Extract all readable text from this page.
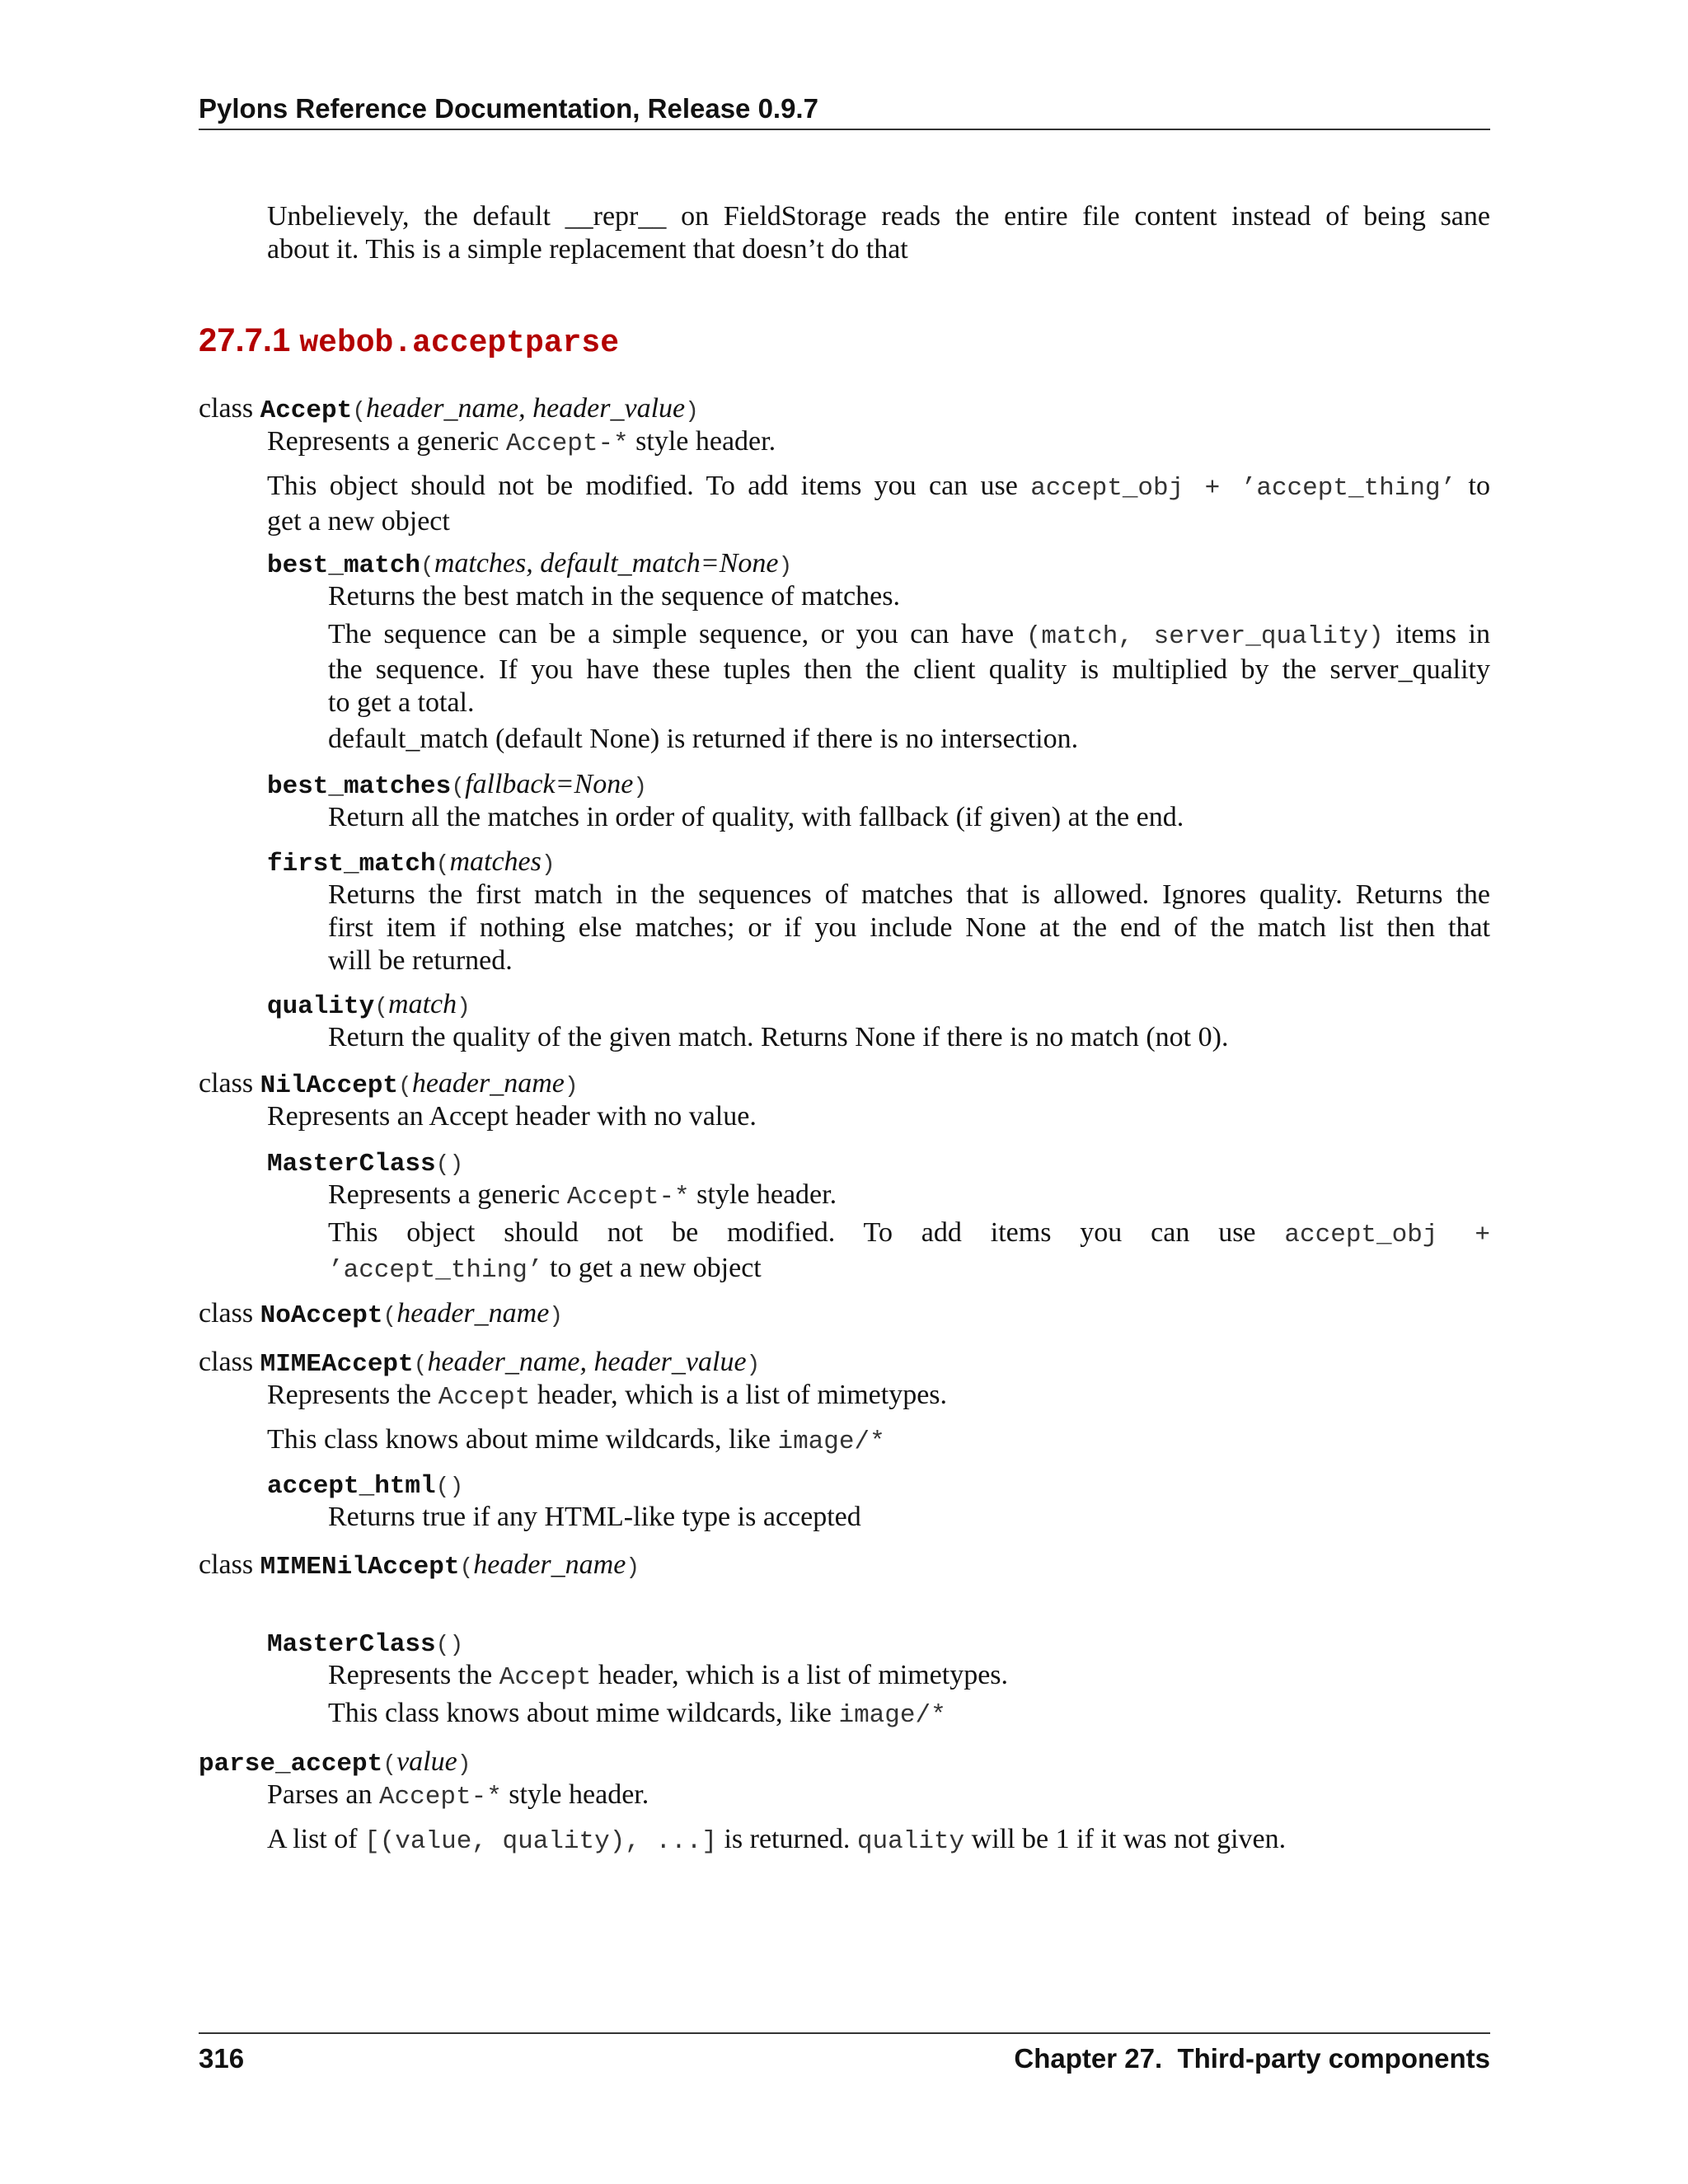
Pylons Reference Documentation, Release 0.9.7
Unbelievely, the default __repr__ on FieldStorage reads the entire file content instead of being sane
about it. This is a simple replacement that doesn’t do that
27.7.1 webob.acceptparse
class Accept(header_name, header_value)
Represents a generic Accept-* style header.
This object should not be modified. To add items you can use accept_obj + ’accept_thing’ to
get a new object
best_match(matches, default_match=None)
Returns the best match in the sequence of matches.
The sequence can be a simple sequence, or you can have (match, server_quality) items in
the sequence. If you have these tuples then the client quality is multiplied by the server_quality
to get a total.
default_match (default None) is returned if there is no intersection.
best_matches(fallback=None)
Return all the matches in order of quality, with fallback (if given) at the end.
first_match(matches)
Returns the first match in the sequences of matches that is allowed. Ignores quality. Returns the
first item if nothing else matches; or if you include None at the end of the match list then that
will be returned.
quality(match)
Return the quality of the given match. Returns None if there is no match (not 0).
class NilAccept(header_name)
Represents an Accept header with no value.
MasterClass()
Represents a generic Accept-* style header.
This object should not be modified. To add items you can use accept_obj +
’accept_thing’ to get a new object
class NoAccept(header_name)
class MIMEAccept(header_name, header_value)
Represents the Accept header, which is a list of mimetypes.
This class knows about mime wildcards, like image/*
accept_html()
Returns true if any HTML-like type is accepted
class MIMENilAccept(header_name)
MasterClass()
Represents the Accept header, which is a list of mimetypes.
This class knows about mime wildcards, like image/*
parse_accept(value)
Parses an Accept-* style header.
A list of [(value, quality), ...] is returned. quality will be 1 if it was not given.
316	Chapter 27.  Third-party components
